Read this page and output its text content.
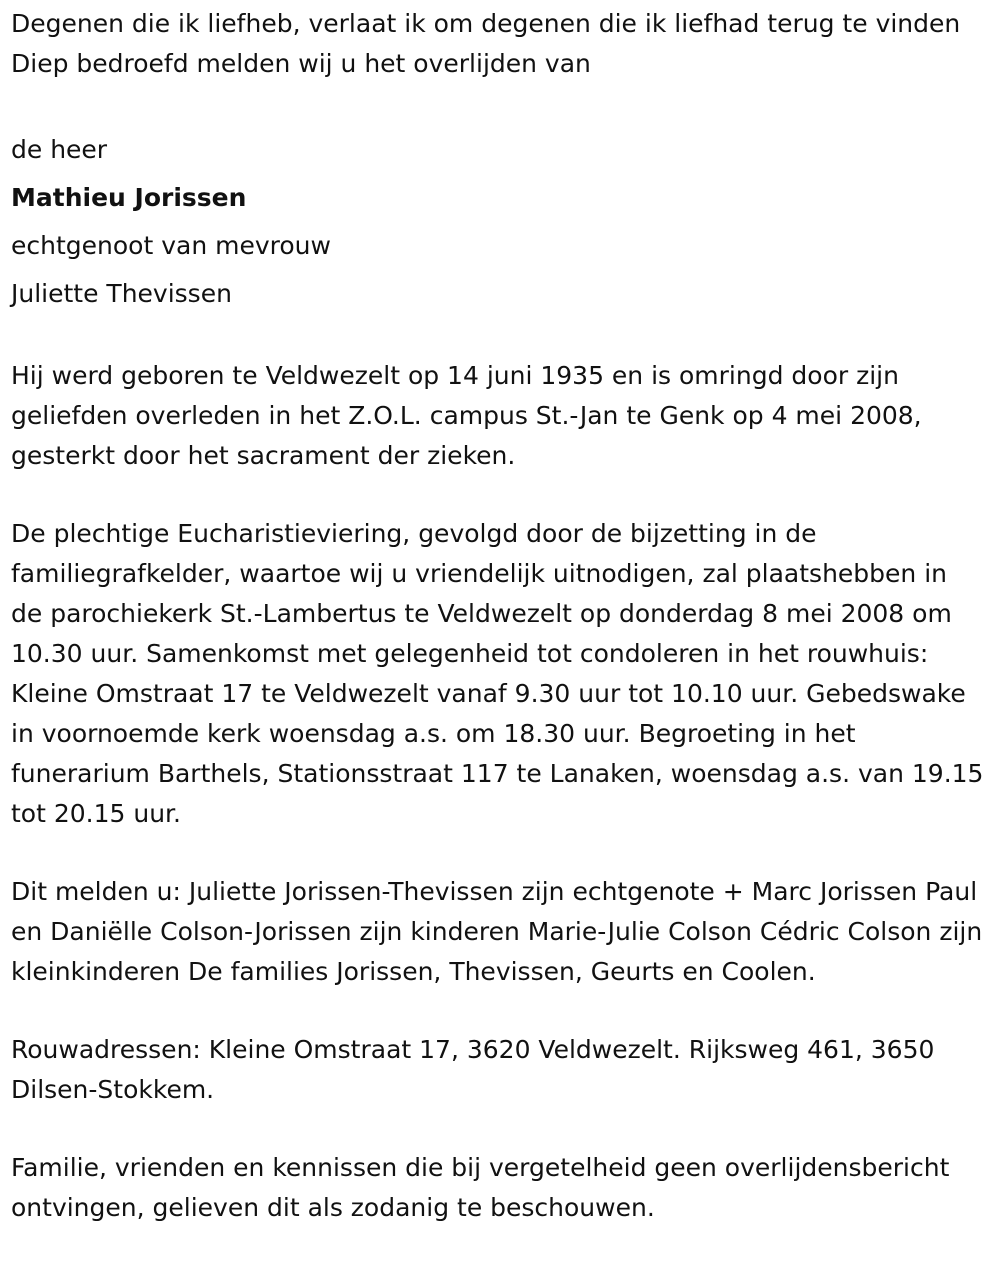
Degenen die ik liefheb, verlaat ik om degenen die ik liefhad terug te vinden Diep bedroefd melden wij u het overlijden van

de heer

Mathieu Jorissen

echtgenoot van mevrouw

Juliette Thevissen

Hij werd geboren te Veldwezelt op 14 juni 1935 en is omringd door zijn geliefden overleden in het Z.O.L. campus St.-Jan te Genk op 4 mei 2008, gesterkt door het sacrament der zieken.

De plechtige Eucharistieviering, gevolgd door de bijzetting in de familiegrafkelder, waartoe wij u vriendelijk uitnodigen, zal plaatshebben in de parochiekerk St.-Lambertus te Veldwezelt op donderdag 8 mei 2008 om 10.30 uur. Samenkomst met gelegenheid tot condoleren in het rouwhuis: Kleine Omstraat 17 te Veldwezelt vanaf 9.30 uur tot 10.10 uur. Gebedswake in voornoemde kerk woensdag a.s. om 18.30 uur. Begroeting in het funerarium Barthels, Stationsstraat 117 te Lanaken, woensdag a.s. van 19.15 tot 20.15 uur.

Dit melden u: Juliette Jorissen-Thevissen zijn echtgenote + Marc Jorissen Paul en Daniëlle Colson-Jorissen zijn kinderen Marie-Julie Colson Cédric Colson zijn kleinkinderen De families Jorissen, Thevissen, Geurts en Coolen.

Rouwadressen: Kleine Omstraat 17, 3620 Veldwezelt. Rijksweg 461, 3650 Dilsen-Stokkem.

Familie, vrienden en kennissen die bij vergetelheid geen overlijdensbericht ontvingen, gelieven dit als zodanig te beschouwen.
